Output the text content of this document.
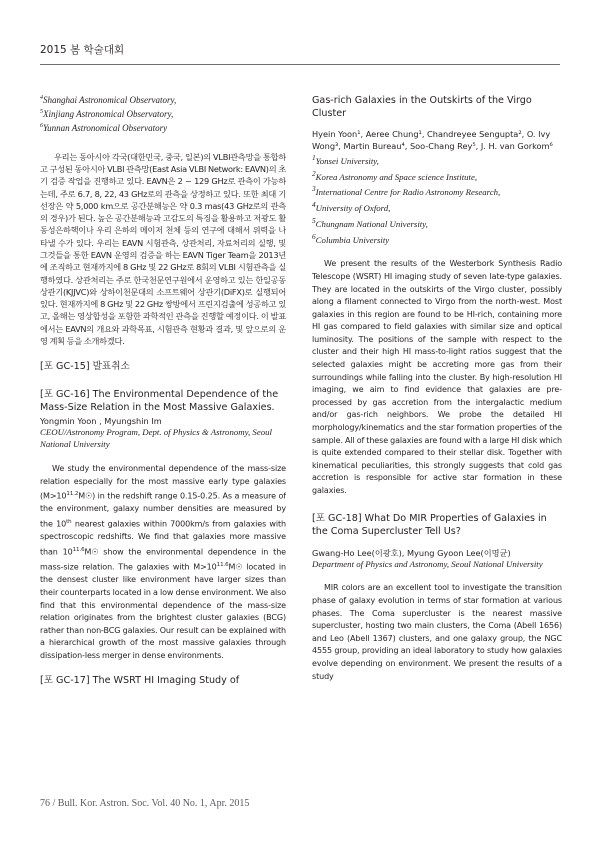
2015 봄 학술대회
$^4$Shanghai Astronomical Observatory,
$^5$Xinjiang Astronomical Observatory,
$^6$Yunnan Astronomical Observatory

우리는 동아시아 각국(대한민국, 중국, 일본)의 VLBI관측망을 통합하고 구성된 동아시아 VLBI 관측망(East Asia VLBI Network: EAVN)의 초기 검증 작업을 진행하고 있다. EAVN은 2 ~ 129 GHz로 관측이 가능하는데, 주로 6.7, 8, 22, 43 GHz로의 관측을 상정하고 있다. 또한 최대 기선장은 약 5,000 km으로 공간분해능은 약 0.3 mas(43 GHz로의 관측의 경우)가 된다. 높은 공간분해능과 고감도의 특징을 활용하고 저광도 활동성은하핵이나 우리 은하의 메이저 천체 등의 연구에 대해서 위력을 나타낼 수가 있다. 우리는 EAVN 시험관측, 상관처리, 자료처리의 실행, 및 그것들을 통한 EAVN 운영의 검증을 하는 EAVN Tiger Team을 2013년에 조직하고 현재까지에 8 GHz 및 22 GHz로 8회의 VLBI 시험관측을 실행하였다. 상관처리는 주로 한국천문연구원에서 운영하고 있는 한일공동상관기(KJJVC)와 상하이천문대의 소프트웨어 상관기(DiFX)로 실행되어 있다. 현재까지에 8 GHz 및 22 GHz 쌍방에서 프린지검출에 성공하고 있고, 올해는 영상합성을 포함한 과학적인 관측을 진행할 예정이다. 이 발표에서는 EAVN의 개요와 과학목표, 시험관측 현황과 결과, 및 앞으로의 운영 계획 등을 소개하겠다.

[포 GC-15] 발표취소

[포 GC-16] The Environmental Dependence of the Mass-Size Relation in the Most Massive Galaxies.

Yongmin Yoon , Myungshin Im

CEOU/Astronomy Program, Dept. of Physics & Astronomy, Seoul National University

We study the environmental dependence of the mass-size relation especially for the most massive early type galaxies $(M>10^{11.2}M☉)$ in the redshift range 0.15-0.25. As a measure of the environment, galaxy number densities are measured by the 10th nearest galaxies within 7000km/s from galaxies with spectroscopic redshifts. We find that galaxies more massive than $10^{11.6}M☉$ show the environmental dependence in the mass-size relation. The galaxies with $M>10^{11.6}M☉$ located in the densest cluster like environment have larger sizes than their counterparts located in a low dense environment. We also find that this environmental dependence of the mass-size relation originates from the brightest cluster galaxies (BCG) rather than non-BCG galaxies. Our result can be explained with a hierarchical growth of the most massive galaxies through dissipation-less merger in dense environments.

[포 GC-17] The WSRT HI Imaging Study of

Gas-rich Galaxies in the Outskirts of the Virgo Cluster

Hyein Yoon¹, Aeree Chung¹, Chandreyee Sengupta², O. Ivy Wong³, Martin Bureau⁴, Soo-Chang Rey⁵, J. H. van Gorkom⁶

$^1$Yonsei University,
$^2$Korea Astronomy and Space science Institute,
$^3$International Centre for Radio Astronomy Research,
$^4$University of Oxford,
$^5$Chungnam National University,
$^6$Columbia University

We present the results of the Westerbork Synthesis Radio Telescope (WSRT) HI imaging study of seven late-type galaxies. They are located in the outskirts of the Virgo cluster, possibly along a filament connected to Virgo from the north-west. Most galaxies in this region are found to be HI-rich, containing more HI gas compared to field galaxies with similar size and optical luminosity. The positions of the sample with respect to the cluster and their high HI mass-to-light ratios suggest that the selected galaxies might be accreting more gas from their surroundings while falling into the cluster. By high-resolution HI imaging, we aim to find evidence that galaxies are pre-processed by gas accretion from the intergalactic medium and/or gas-rich neighbors. We probe the detailed HI morphology/kinematics and the star formation properties of the sample. All of these galaxies are found with a large HI disk which is quite extended compared to their stellar disk. Together with kinematical peculiarities, this strongly suggests that cold gas accretion is responsible for active star formation in these galaxies.

[포 GC-18] What Do MIR Properties of Galaxies in the Coma Supercluster Tell Us?

Gwang-Ho Lee(이광호), Myung Gyoon Lee(이명균)

Department of Physics and Astronomy, Seoul National University

MIR colors are an excellent tool to investigate the transition phase of galaxy evolution in terms of star formation at various phases. The Coma supercluster is the nearest massive supercluster, hosting two main clusters, the Coma (Abell 1656) and Leo (Abell 1367) clusters, and one galaxy group, the NGC 4555 group, providing an ideal laboratory to study how galaxies evolve depending on environment. We present the results of a study

76 / Bull. Kor. Astron. Soc. Vol. 40 No. 1, Apr. 2015
